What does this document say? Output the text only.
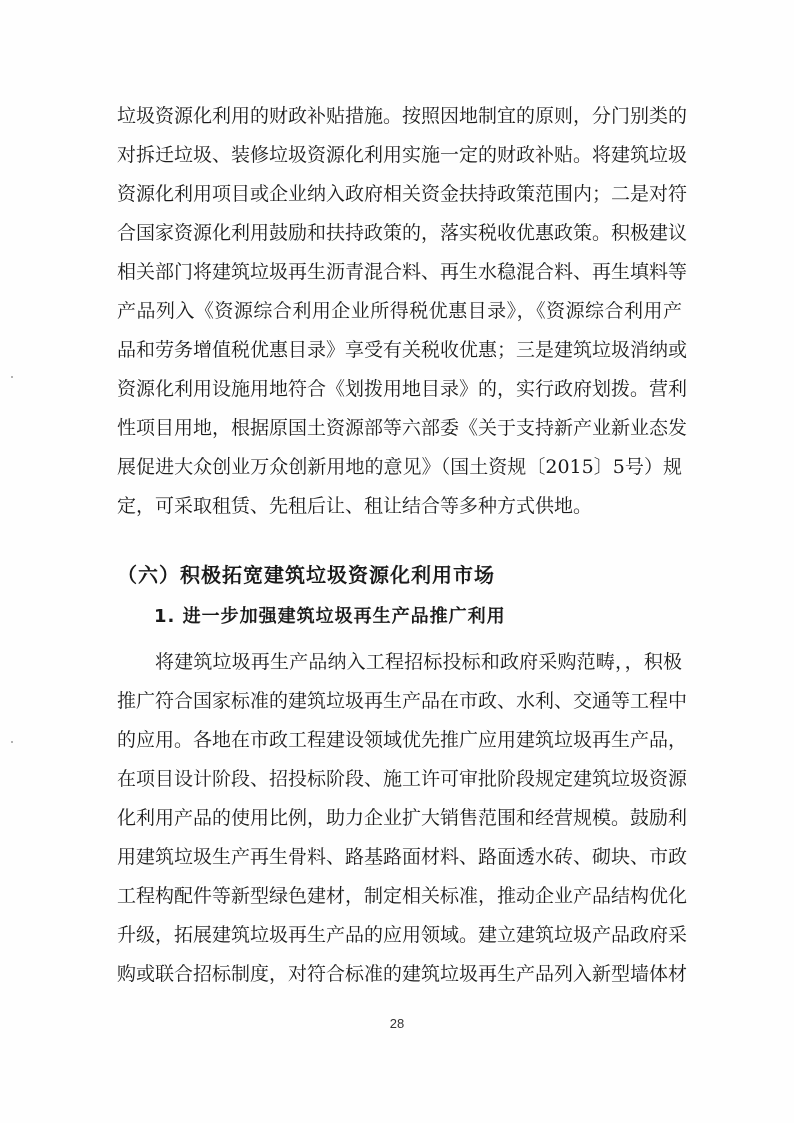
垃圾资源化利用的财政补贴措施。按照因地制宜的原则，分门别类的
对拆迁垃圾、装修垃圾资源化利用实施一定的财政补贴。将建筑垃圾
资源化利用项目或企业纳入政府相关资金扶持政策范围内；二是对符
合国家资源化利用鼓励和扶持政策的，落实税收优惠政策。积极建议
相关部门将建筑垃圾再生沥青混合料、再生水稳混合料、再生填料等
产品列入《资源综合利用企业所得税优惠目录》，《资源综合利用产
品和劳务增值税优惠目录》享受有关税收优惠；三是建筑垃圾消纳或
资源化利用设施用地符合《划拨用地目录》的，实行政府划拨。营利
性项目用地，根据原国土资源部等六部委《关于支持新产业新业态发
展促进大众创业万众创新用地的意见》（国土资规〔2015〕5号）规
定，可采取租赁、先租后让、租让结合等多种方式供地。
（六）积极拓宽建筑垃圾资源化利用市场
1. 进一步加强建筑垃圾再生产品推广利用
将建筑垃圾再生产品纳入工程招标投标和政府采购范畴，，积极
推广符合国家标准的建筑垃圾再生产品在市政、水利、交通等工程中
的应用。各地在市政工程建设领域优先推广应用建筑垃圾再生产品，
在项目设计阶段、招投标阶段、施工许可审批阶段规定建筑垃圾资源
化利用产品的使用比例，助力企业扩大销售范围和经营规模。鼓励利
用建筑垃圾生产再生骨料、路基路面材料、路面透水砖、砌块、市政
工程构配件等新型绿色建材，制定相关标准，推动企业产品结构优化
升级，拓展建筑垃圾再生产品的应用领域。建立建筑垃圾产品政府采
购或联合招标制度，对符合标准的建筑垃圾再生产品列入新型墙体材
28
